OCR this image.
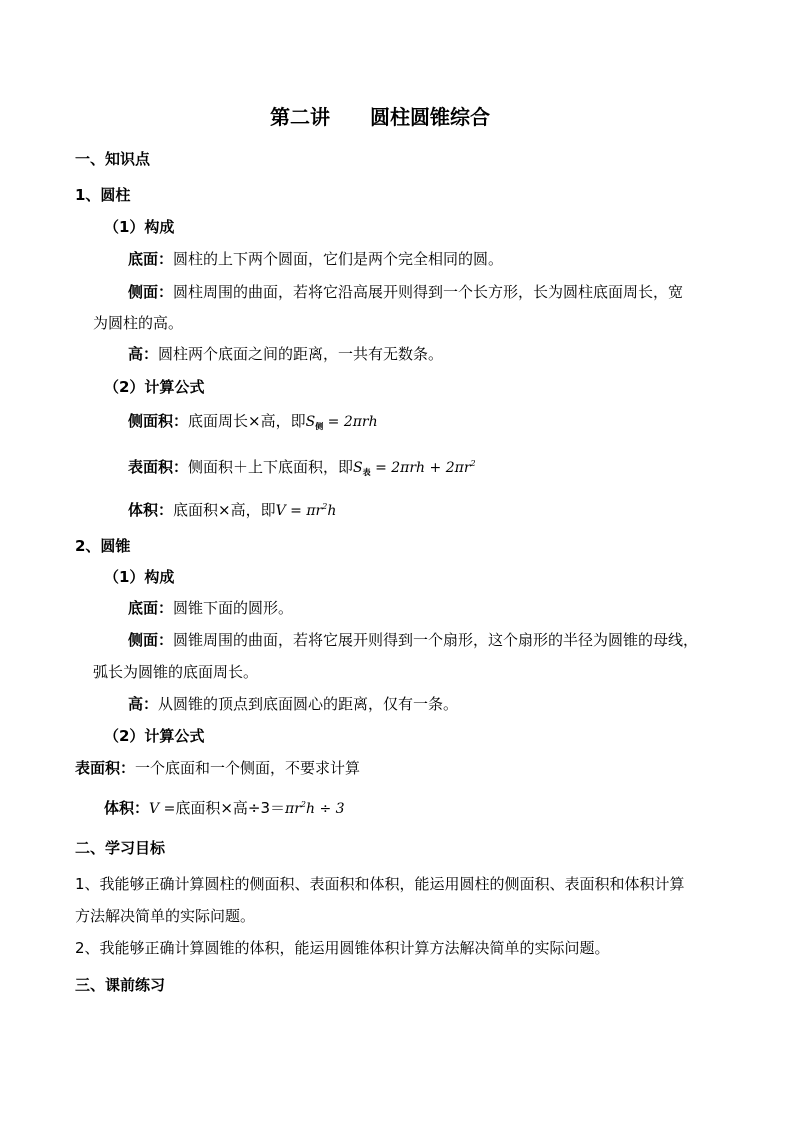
第二讲 圆柱圆锥综合
一、知识点
1、圆柱
（1）构成
底面：圆柱的上下两个圆面，它们是两个完全相同的圆。
侧面：圆柱周围的曲面，若将它沿高展开则得到一个长方形，长为圆柱底面周长，宽
为圆柱的高。
高：圆柱两个底面之间的距离，一共有无数条。
（2）计算公式
侧面积：底面周长×高，即$S_侧 = 2\pi rh$
表面积：侧面积＋上下底面积，即$S_表 = 2\pi rh + 2\pi r^2$
体积：底面积×高，即$V = \pi r^2h$
2、圆锥
（1）构成
底面：圆锥下面的圆形。
侧面：圆锥周围的曲面，若将它展开则得到一个扇形，这个扇形的半径为圆锥的母线，
弧长为圆锥的底面周长。
高：从圆锥的顶点到底面圆心的距离，仅有一条。
（2）计算公式
表面积：一个底面和一个侧面，不要求计算
体积：V =底面积×高$\div 3=\pi r^2h \div 3$
二、学习目标
1、我能够正确计算圆柱的侧面积、表面积和体积，能运用圆柱的侧面积、表面积和体积计算
方法解决简单的实际问题。
2、我能够正确计算圆锥的体积，能运用圆锥体积计算方法解决简单的实际问题。
三、课前练习
